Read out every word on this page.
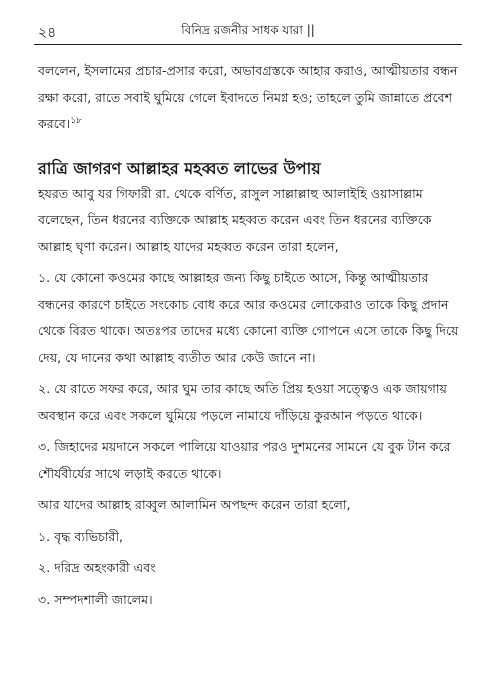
২৪	বিনিদ্র রজনীর সাধক যারা ||

বললেন, ইসলামের প্রচার-প্রসার করো, অভাবগ্রস্তকে আহার করাও, আত্মীয়তার বন্ধন রক্ষা করো, রাতে সবাই ঘুমিয়ে গেলে ইবাদতে নিমগ্ন হও; তাহলে তুমি জান্নাতে প্রবেশ করবে।$^{১৮}$

রাত্রি জাগরণ আল্লাহর মহব্বত লাভের উপায়

হযরত আবু যর গিফারী রা. থেকে বর্ণিত, রাসুল সাল্লাল্লাহু আলাইহি ওয়াসাল্লাম বলেছেন, তিন ধরনের ব্যক্তিকে আল্লাহ মহব্বত করেন এবং তিন ধরনের ব্যক্তিকে আল্লাহ ঘৃণা করেন। আল্লাহ যাদের মহব্বত করেন তারা হলেন,

১. যে কোনো কওমের কাছে আল্লাহর জন্য কিছু চাইতে আসে, কিন্তু আত্মীয়তার বন্ধনের কারণে চাইতে সংকোচ বোধ করে আর কওমের লোকেরাও তাকে কিছু প্রদান থেকে বিরত থাকে। অতঃপর তাদের মধ্যে কোনো ব্যক্তি গোপনে এসে তাকে কিছু দিয়ে দেয়, যে দানের কথা আল্লাহ ব্যতীত আর কেউ জানে না।

২. যে রাতে সফর করে, আর ঘুম তার কাছে অতি প্রিয় হওয়া সত্ত্বেও এক জায়গায় অবস্থান করে এবং সকলে ঘুমিয়ে পড়লে নামাযে দাঁড়িয়ে কুরআন পড়তে থাকে।

৩. জিহাদের ময়দানে সকলে পালিয়ে যাওয়ার পরও দুশমনের সামনে যে বুক টান করে শৌর্যবীর্যের সাথে লড়াই করতে থাকে।

আর যাদের আল্লাহ রাব্বুল আলামিন অপছন্দ করেন তারা হলো,

১. বৃদ্ধ ব্যভিচারী,

২. দরিদ্র অহংকারী এবং

৩. সম্পদশালী জালেম।
